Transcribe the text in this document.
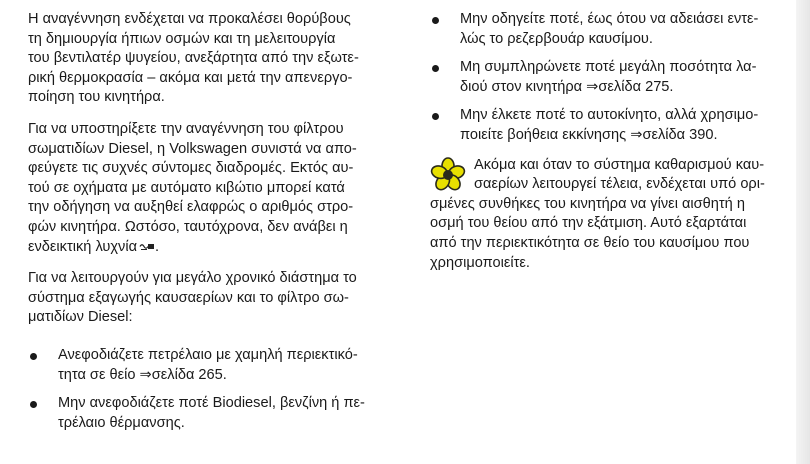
Η αναγέννηση ενδέχεται να προκαλέσει θορύβους
τη δημιουργία ήπιων οσμών και τη μελειτουργία
του βεντιλατέρ ψυγείου, ανεξάρτητα από την εξωτε-
ρική θερμοκρασία – ακόμα και μετά την απενεργο-
ποίηση του κινητήρα.

Για να υποστηρίξετε την αναγέννηση του φίλτρου
σωματιδίων Diesel, η Volkswagen συνιστά να απο-
φεύγετε τις συχνές σύντομες διαδρομές. Εκτός αυ-
τού σε οχήματα με αυτόματο κιβώτιο μπορεί κατά
την οδήγηση να αυξηθεί ελαφρώς ο αριθμός στρο-
φών κινητήρα. Ωστόσο, ταυτόχρονα, δεν ανάβει η
ενδεικτική λυχνία .

Για να λειτουργούν για μεγάλο χρονικό διάστημα το
σύστημα εξαγωγής καυσαερίων και το φίλτρο σω-
ματιδίων Diesel:

Ανεφοδιάζετε πετρέλαιο με χαμηλή περιεκτικό-
τητα σε θείο ⇒σελίδα 265.
Μην ανεφοδιάζετε ποτέ Biodiesel, βενζίνη ή πε-
τρέλαιο θέρμανσης.
Μην οδηγείτε ποτέ, έως ότου να αδειάσει εντε-
λώς το ρεζερβουάρ καυσίμου.
Μη συμπληρώνετε ποτέ μεγάλη ποσότητα λα-
διού στον κινητήρα ⇒σελίδα 275.
Μην έλκετε ποτέ το αυτοκίνητο, αλλά χρησιμο-
ποιείτε βοήθεια εκκίνησης ⇒σελίδα 390.
Ακόμα και όταν το σύστημα καθαρισμού καυ-
σαερίων λειτουργεί τέλεια, ενδέχεται υπό ορι-
σμένες συνθήκες του κινητήρα να γίνει αισθητή η
οσμή του θείου από την εξάτμιση. Αυτό εξαρτάται
από την περιεκτικότητα σε θείο του καυσίμου που
χρησιμοποιείτε.
